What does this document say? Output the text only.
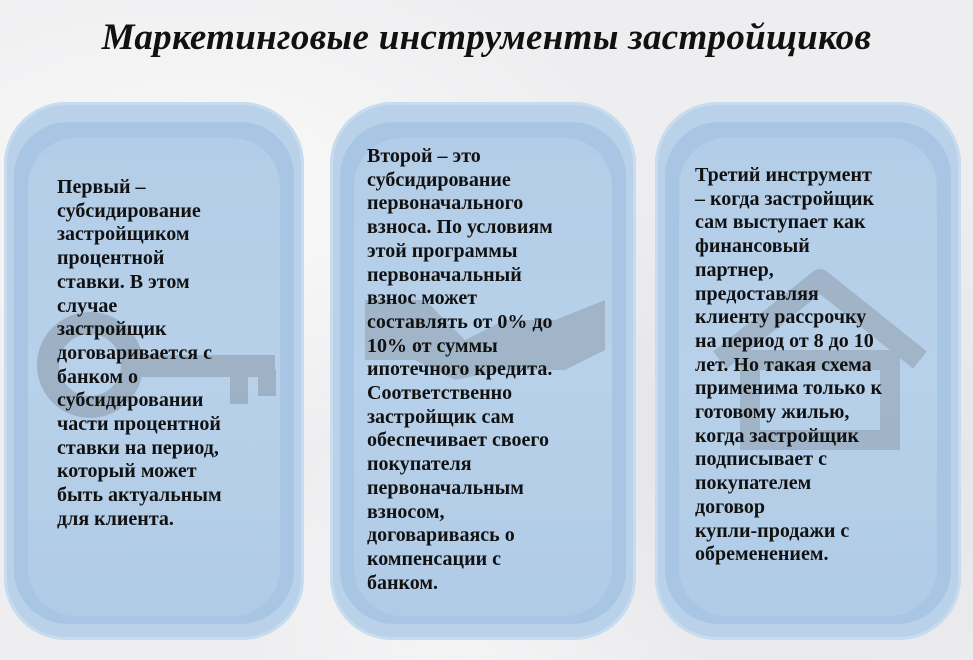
Маркетинговые инструменты застройщиков
Первый –
субсидирование
застройщиком
процентной
ставки. В этом
случае
застройщик
договаривается с
банком о
субсидировании
части процентной
ставки на период,
который может
быть актуальным
для клиента.
Второй – это
субсидирование
первоначального
взноса. По условиям
этой программы
первоначальный
взнос может
составлять от 0% до
10% от суммы
ипотечного кредита.
Соответственно
застройщик сам
обеспечивает своего
покупателя
первоначальным
взносом,
договариваясь о
компенсации с
банком.
Третий инструмент
– когда застройщик
сам выступает как
финансовый
партнер,
предоставляя
клиенту рассрочку
на период от 8 до 10
лет. Но такая схема
применима только к
готовому жилью,
когда застройщик
подписывает с
покупателем
договор
купли-продажи с
обременением.
